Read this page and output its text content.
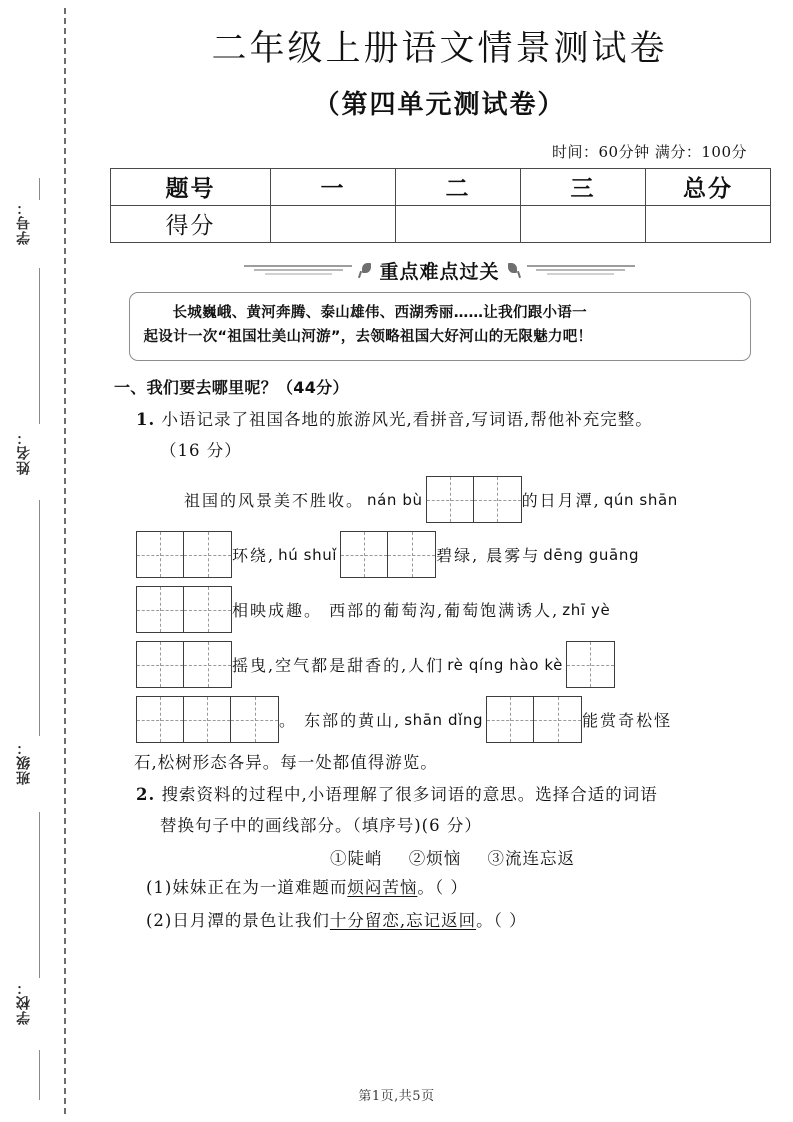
学号：
姓名：
班级：
学校：
二年级上册语文情景测试卷
（第四单元测试卷）
时间：60分钟 满分：100分
题号	一	二	三	总分
得分				
重点难点过关

长城巍峨、黄河奔腾、泰山雄伟、西湖秀丽……让我们跟小语一

起设计一次“祖国壮美山河游”，去领略祖国大好河山的无限魅力吧！

一、我们要去哪里呢？（44分）
1. 小语记录了祖国各地的旅游风光,看拼音,写词语,帮他补充完整。
（16 分）
祖国的风景美不胜收。 nán bù	的日月潭, qún shān
环绕, hú shuǐ	碧绿, 晨雾与 dēng guāng
相映成趣。 西部的葡萄沟,葡萄饱满诱人, zhī yè
摇曳,空气都是甜香的,人们 rè qíng hào kè
。 东部的黄山, shān dǐng	能赏奇松怪
石,松树形态各异。每一处都值得游览。
2. 搜索资料的过程中,小语理解了很多词语的意思。选择合适的词语
替换句子中的画线部分。（填序号)(6 分）
①陡峭 ②烦恼 ③流连忘返
(1)妹妹正在为一道难题而烦闷苦恼。（ ）
(2)日月潭的景色让我们十分留恋,忘记返回。（ ）
第1页,共5页
